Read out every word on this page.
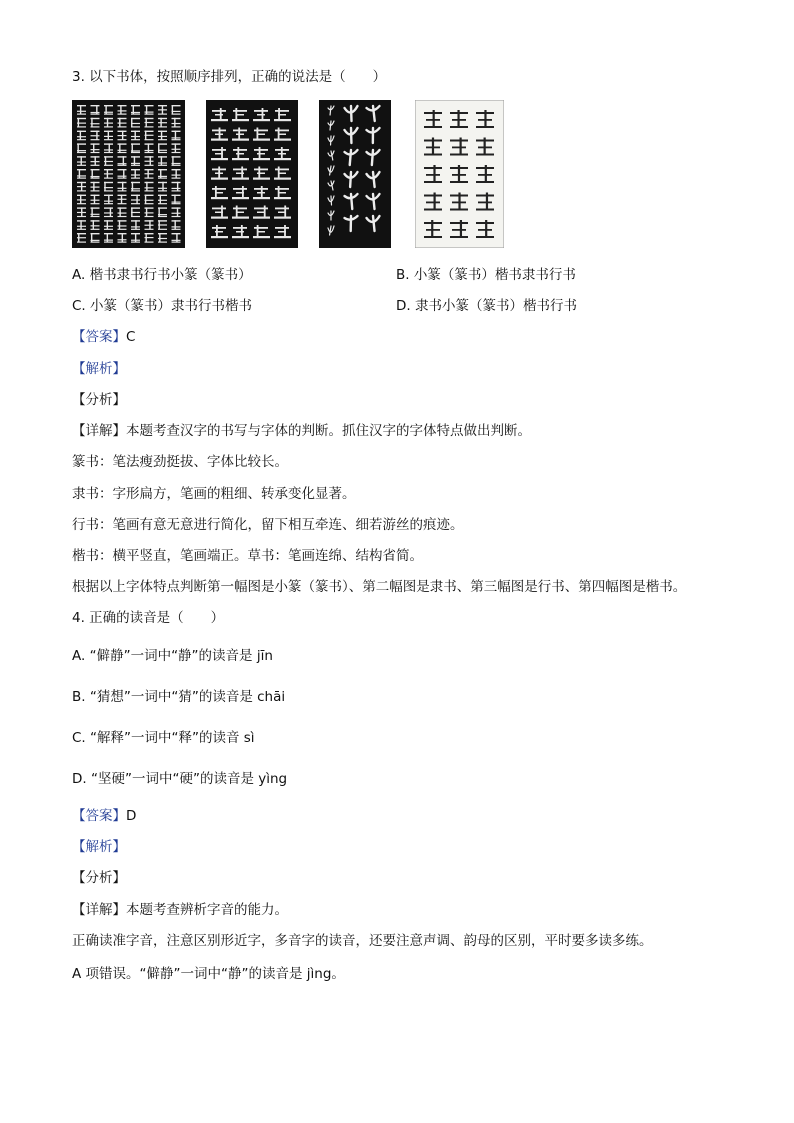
3. 以下书体，按照顺序排列，正确的说法是（　　）
A. 楷书隶书行书小篆（篆书）	B. 小篆（篆书）楷书隶书行书
C. 小篆（篆书）隶书行书楷书	D. 隶书小篆（篆书）楷书行书
【答案】C
【解析】
【分析】
【详解】本题考查汉字的书写与字体的判断。抓住汉字的字体特点做出判断。
篆书：笔法瘦劲挺拔、字体比较长。
隶书：字形扁方，笔画的粗细、转承变化显著。
行书：笔画有意无意进行简化，留下相互牵连、细若游丝的痕迹。
楷书：横平竖直，笔画端正。草书：笔画连绵、结构省简。
根据以上字体特点判断第一幅图是小篆（篆书）、第二幅图是隶书、第三幅图是行书、第四幅图是楷书。
4. 正确的读音是（　　）
A. “僻静”一词中“静”的读音是 jīn
B. “猜想”一词中“猜”的读音是 chāi
C. “解释”一词中“释”的读音 sì
D. “坚硬”一词中“硬”的读音是 yìng
【答案】D
【解析】
【分析】
【详解】本题考查辨析字音的能力。
正确读准字音，注意区别形近字，多音字的读音，还要注意声调、韵母的区别，平时要多读多练。
A 项错误。“僻静”一词中“静”的读音是 jìng。
